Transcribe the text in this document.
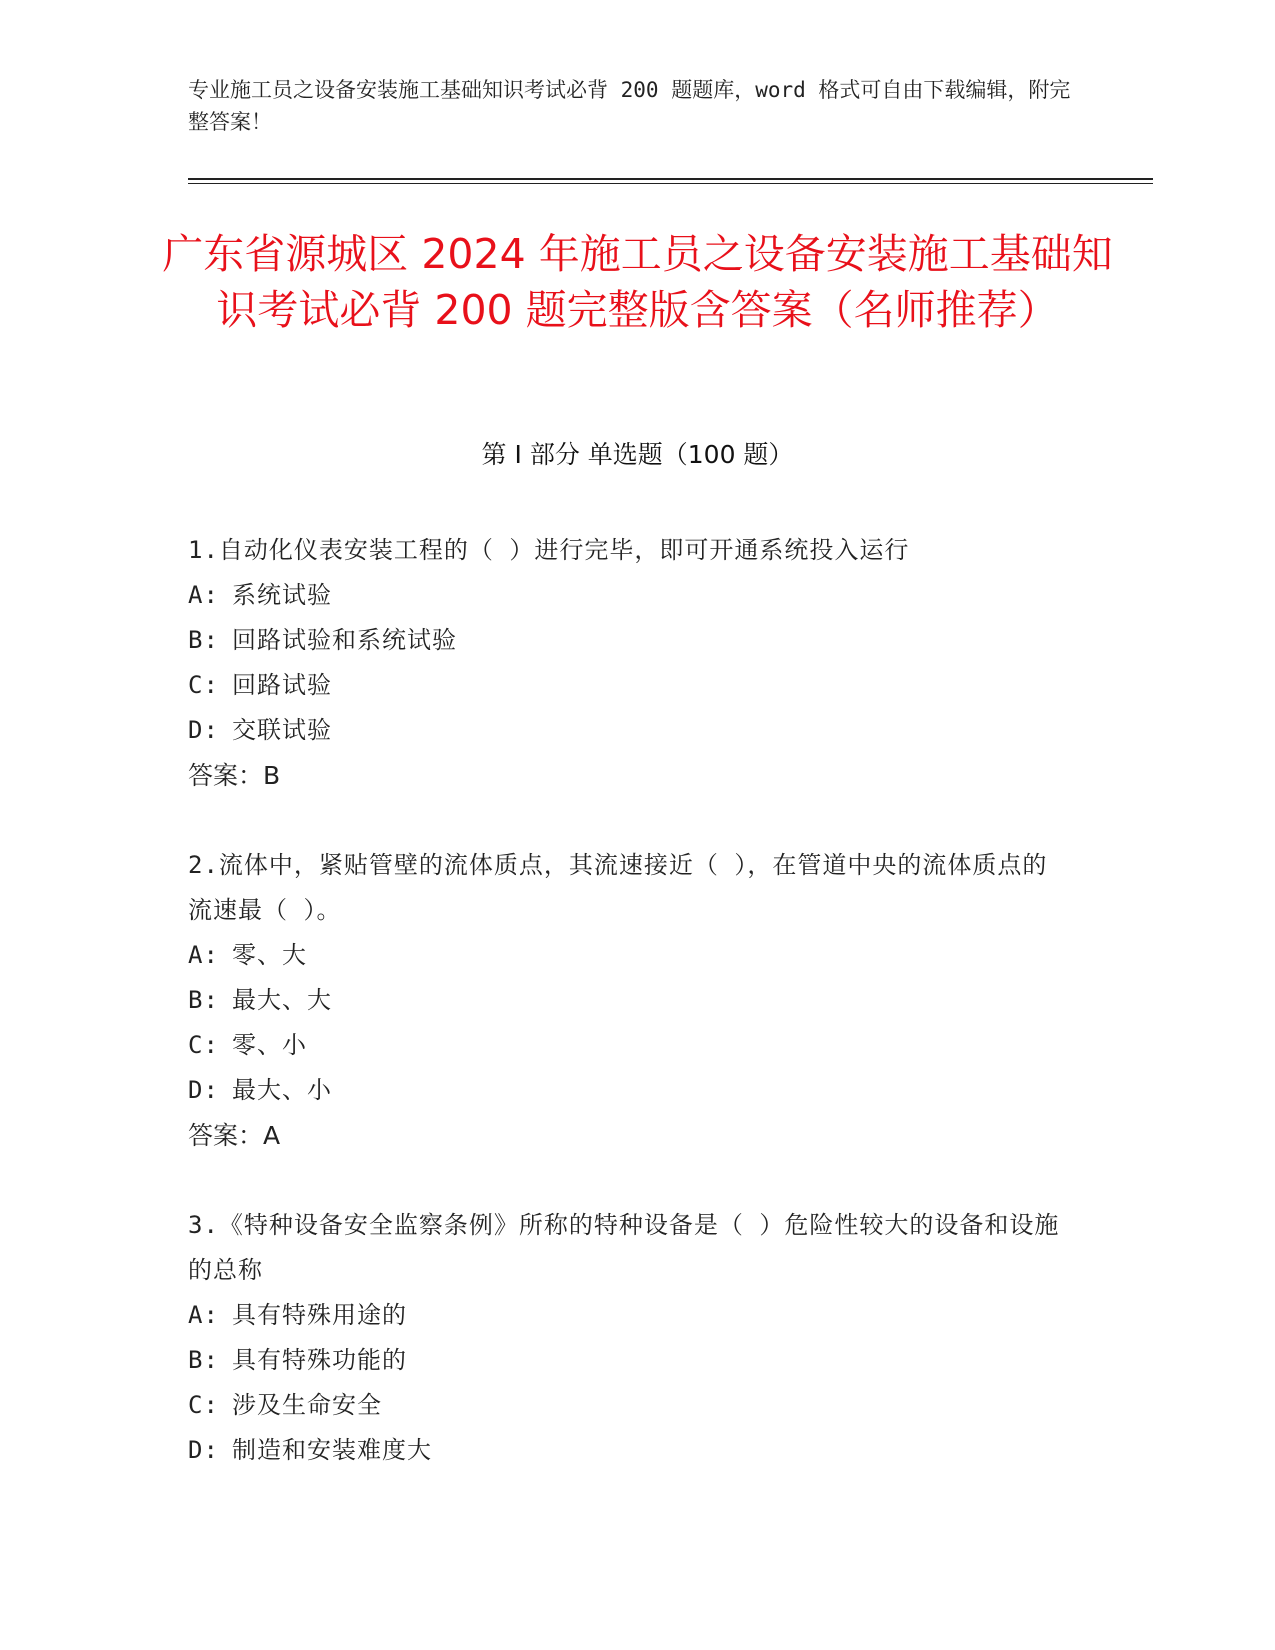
专业施工员之设备安装施工基础知识考试必背 200 题题库，word 格式可自由下载编辑，附完整答案！
广东省源城区 2024 年施工员之设备安装施工基础知识考试必背 200 题完整版含答案（名师推荐）
第 I 部分 单选题（100 题）

1.自动化仪表安装工程的（ ）进行完毕，即可开通系统投入运行

A: 系统试验

B: 回路试验和系统试验

C: 回路试验

D: 交联试验

答案：B

2.流体中，紧贴管壁的流体质点，其流速接近（ ），在管道中央的流体质点的流速最（ ）。

A: 零、大

B: 最大、大

C: 零、小

D: 最大、小

答案：A

3.《特种设备安全监察条例》所称的特种设备是（ ）危险性较大的设备和设施的总称

A: 具有特殊用途的

B: 具有特殊功能的

C: 涉及生命安全

D: 制造和安装难度大
